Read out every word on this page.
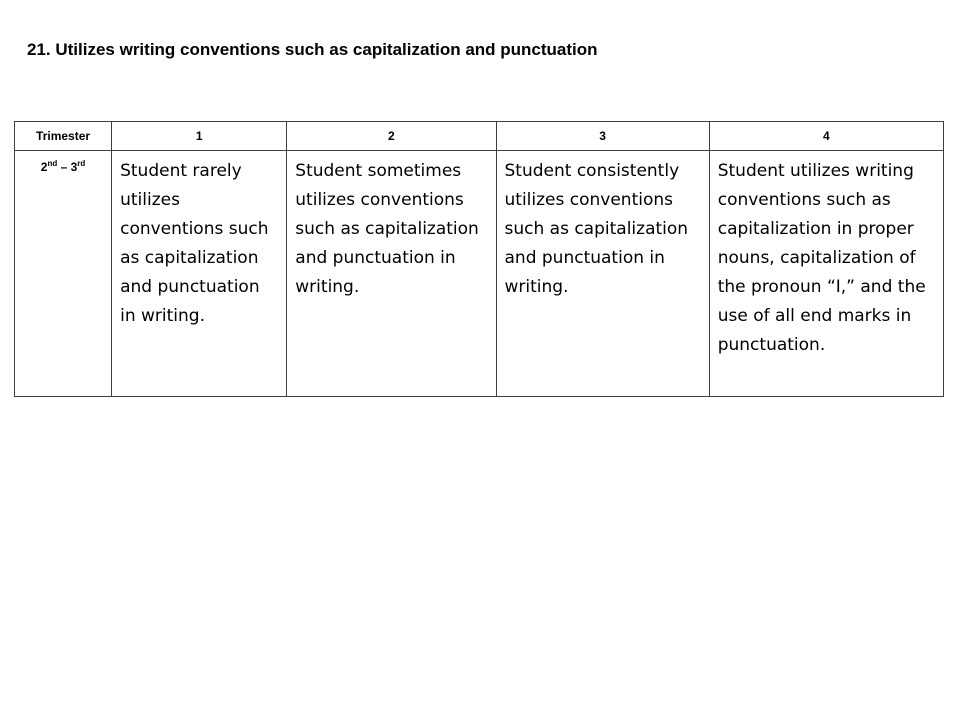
21. Utilizes writing conventions such as capitalization and punctuation
Trimester	1	2	3	4
2nd – 3rd	Student rarely utilizes conventions such as capitalization and punctuation in writing.	Student sometimes utilizes conventions such as capitalization and punctuation in writing.	Student consistently utilizes conventions such as capitalization and punctuation in writing.	Student utilizes writing conventions such as capitalization in proper nouns, capitalization of the pronoun “I,” and the use of all end marks in punctuation.
